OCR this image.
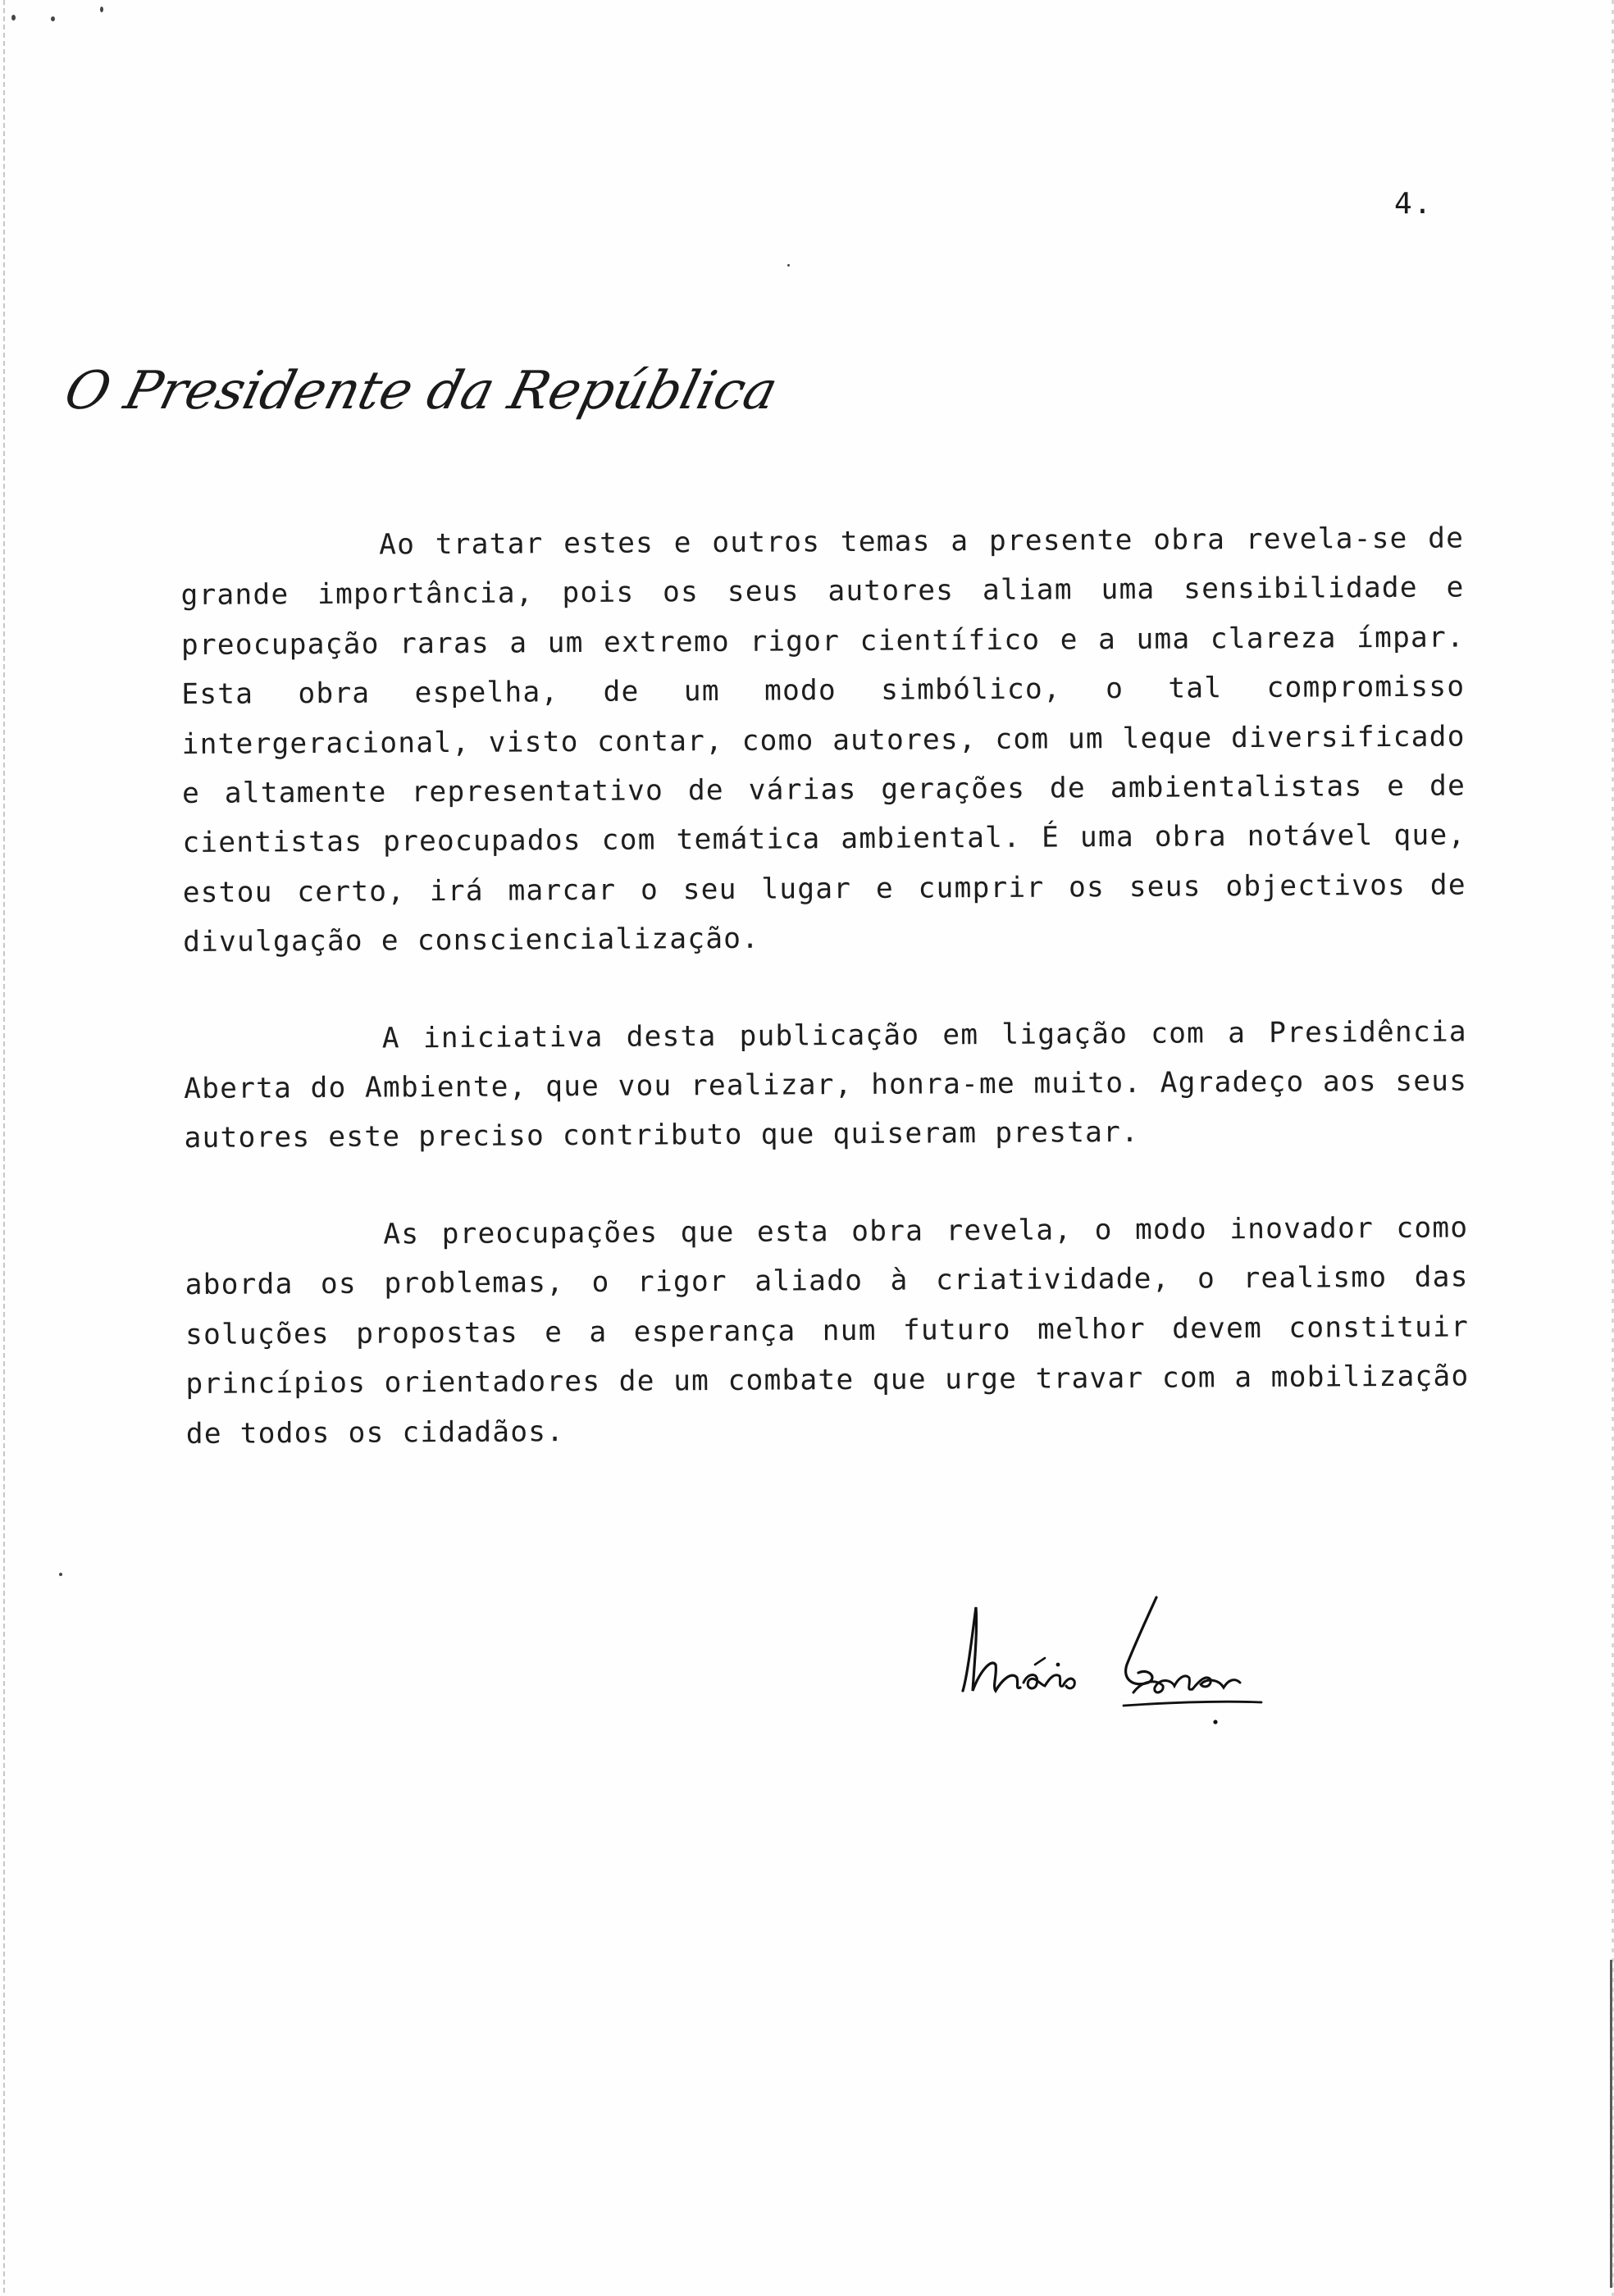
4.
O Presidente da República

Ao tratar estes e outros temas a presente obra revela-se de grande importância, pois os seus autores aliam uma sensibilidade e preocupação raras a um extremo rigor científico e a uma clareza ímpar. Esta obra espelha, de um modo simbólico, o tal compromisso intergeracional, visto contar, como autores, com um leque diversificado e altamente representativo de várias gerações de ambientalistas e de cientistas preocupados com temática ambiental. É uma obra notável que, estou certo, irá marcar o seu lugar e cumprir os seus objectivos de divulgação e consciencialização.

A iniciativa desta publicação em ligação com a Presidência Aberta do Ambiente, que vou realizar, honra-me muito. Agradeço aos seus autores este preciso contributo que quiseram prestar.

As preocupações que esta obra revela, o modo inovador como aborda os problemas, o rigor aliado à criatividade, o realismo das soluções propostas e a esperança num futuro melhor devem constituir princípios orientadores de um combate que urge travar com a mobilização de todos os cidadãos.
